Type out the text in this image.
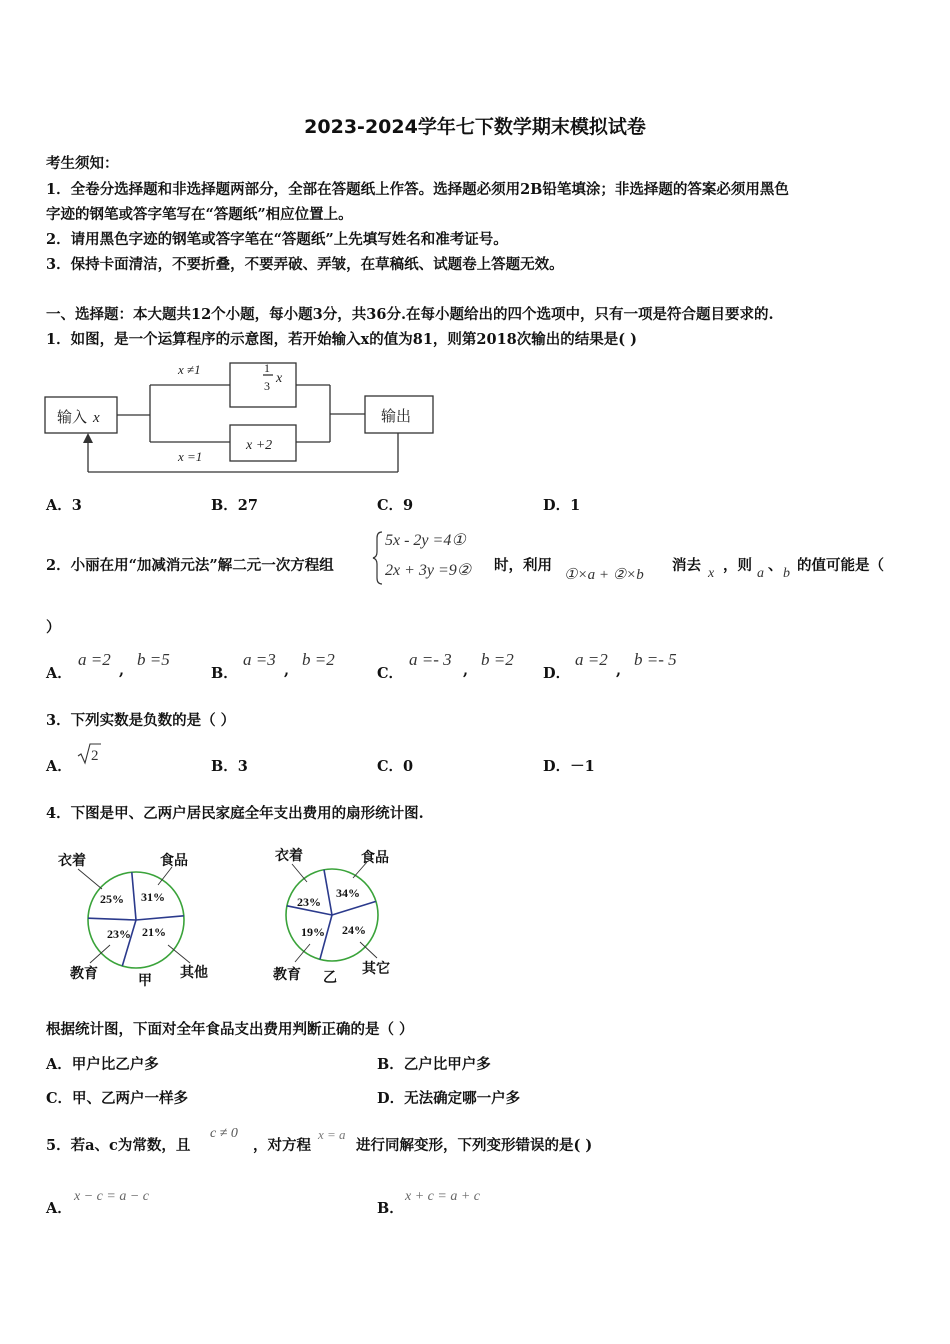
2023-2024学年七下数学期末模拟试卷
考生须知：
1．全卷分选择题和非选择题两部分，全部在答题纸上作答。选择题必须用2B铅笔填涂；非选择题的答案必须用黑色
字迹的钢笔或答字笔写在“答题纸”相应位置上。
2．请用黑色字迹的钢笔或答字笔在“答题纸”上先填写姓名和准考证号。
3．保持卡面清洁，不要折叠，不要弄破、弄皱，在草稿纸、试题卷上答题无效。
一、选择题：本大题共12个小题，每小题3分，共36分.在每小题给出的四个选项中，只有一项是符合题目要求的.
1．如图，是一个运算程序的示意图，若开始输入x的值为81，则第2018次输出的结果是( )
输入 x	输出
x ≠1
x =1
1
3 x
x +2
A．3	B．27	C．9	D．1
2．小丽在用“加减消元法”解二元一次方程组
5x - 2y =4①
2x + 3y =9② 时，利用
①×a + ②×b
消去 x ，则 a 、 b 的值可能是（
）
A．
a =2
,
b =5
B．
a =3
,
b =2
C．
a =- 3
,
b =2
D．
a =2
,
b =- 5
3．下列实数是负数的是（ ）
A．
2
B．3	C．0	D．－1
4．下图是甲、乙两户居民家庭全年支出费用的扇形统计图.
25% 31%
23% 21%
衣着	食品
教育	甲
其他
23%
34%
19% 24%
衣着	食品
教育 乙
其它
根据统计图，下面对全年食品支出费用判断正确的是（ ）
A．甲户比乙户多	B．乙户比甲户多
C．甲、乙两户一样多	D．无法确定哪一户多
5．若a、c为常数，且
c ≠ 0
，对方程
x = a
进行同解变形，下列变形错误的是( )
A．
x − c = a − c
B．
x + c = a + c
